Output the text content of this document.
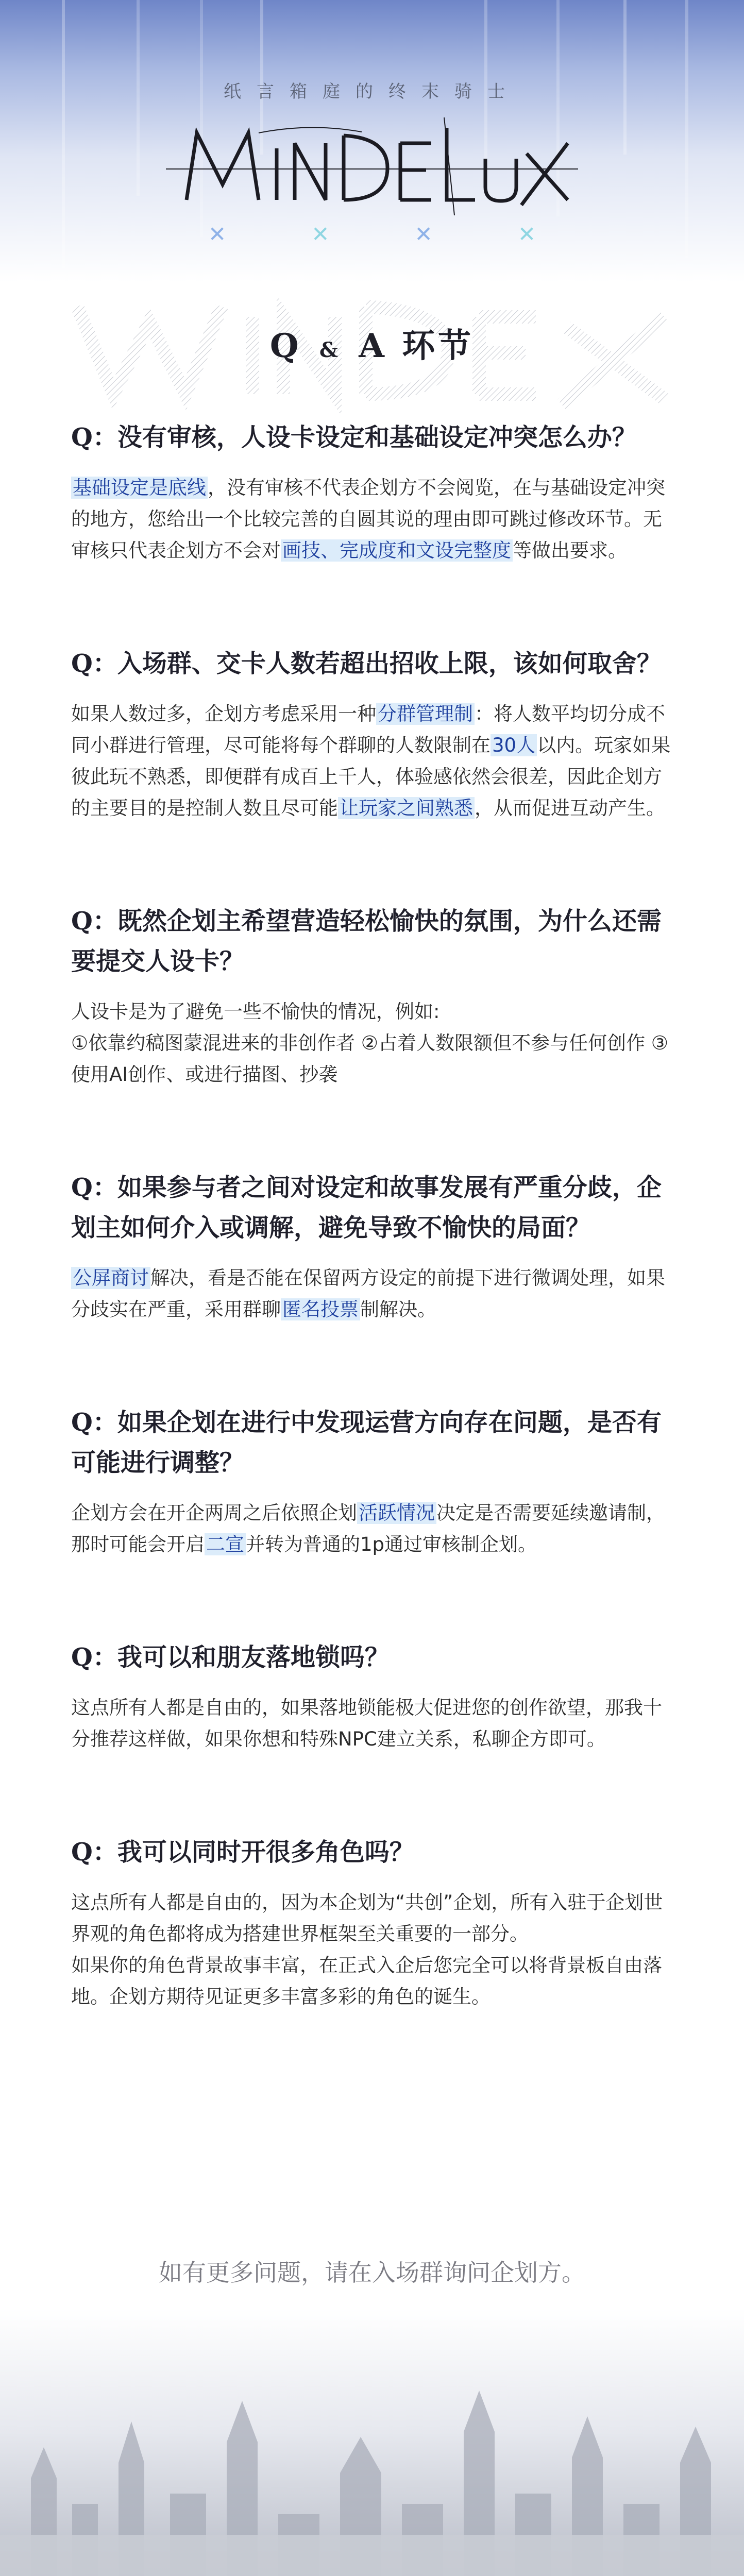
纸言箱庭的终末骑士
✕	✕	✕	✕
Q & A 环节
Q：没有审核，人设卡设定和基础设定冲突怎么办？

基础设定是底线，没有审核不代表企划方不会阅览，在与基础设定冲突的地方，您给出一个比较完善的自圆其说的理由即可跳过修改环节。无审核只代表企划方不会对画技、完成度和文设完整度等做出要求。

Q：入场群、交卡人数若超出招收上限，该如何取舍？

如果人数过多，企划方考虑采用一种分群管理制：将人数平均切分成不同小群进行管理，尽可能将每个群聊的人数限制在30人以内。玩家如果彼此玩不熟悉，即便群有成百上千人，体验感依然会很差，因此企划方的主要目的是控制人数且尽可能让玩家之间熟悉，从而促进互动产生。

Q：既然企划主希望营造轻松愉快的氛围，为什么还需要提交人设卡？

人设卡是为了避免一些不愉快的情况，例如:

①依靠约稿图蒙混进来的非创作者 ②占着人数限额但不参与任何创作 ③使用AI创作、或进行描图、抄袭

Q：如果参与者之间对设定和故事发展有严重分歧，企划主如何介入或调解，避免导致不愉快的局面？

公屏商讨解决，看是否能在保留两方设定的前提下进行微调处理，如果分歧实在严重，采用群聊匿名投票制解决。

Q：如果企划在进行中发现运营方向存在问题，是否有可能进行调整？

企划方会在开企两周之后依照企划活跃情况决定是否需要延续邀请制，那时可能会开启二宣并转为普通的1p通过审核制企划。

Q：我可以和朋友落地锁吗？

这点所有人都是自由的，如果落地锁能极大促进您的创作欲望，那我十分推荐这样做，如果你想和特殊NPC建立关系，私聊企方即可。

Q：我可以同时开很多角色吗？

这点所有人都是自由的，因为本企划为“共创”企划，所有入驻于企划世界观的角色都将成为搭建世界框架至关重要的一部分。

如果你的角色背景故事丰富，在正式入企后您完全可以将背景板自由落地。企划方期待见证更多丰富多彩的角色的诞生。

如有更多问题，请在入场群询问企划方。
